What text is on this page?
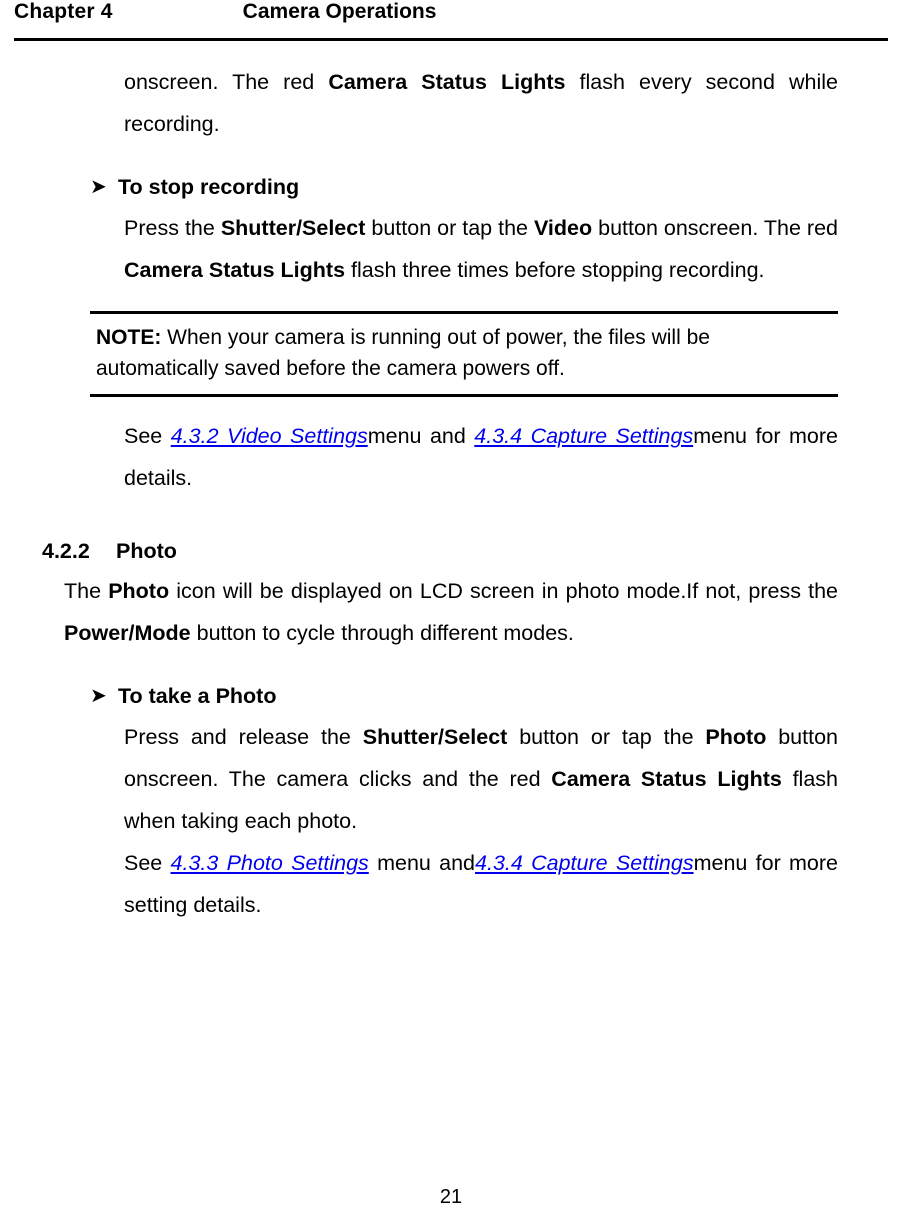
Chapter 4	Camera Operations

onscreen. The red Camera Status Lights flash every second while recording.

➤ To stop recording

Press the Shutter/Select button or tap the Video button onscreen. The red Camera Status Lights flash three times before stopping recording.

NOTE: When your camera is running out of power, the files will be automatically saved before the camera powers off.

See 4.3.2 Video Settingsmenu and 4.3.4 Capture Settingsmenu for more details.

4.2.2	Photo

The Photo icon will be displayed on LCD screen in photo mode.If not, press the Power/Mode button to cycle through different modes.

➤ To take a Photo

Press and release the Shutter/Select button or tap the Photo button onscreen. The camera clicks and the red Camera Status Lights flash when taking each photo.

See 4.3.3 Photo Settings menu and4.3.4 Capture Settingsmenu for more setting details.

21
